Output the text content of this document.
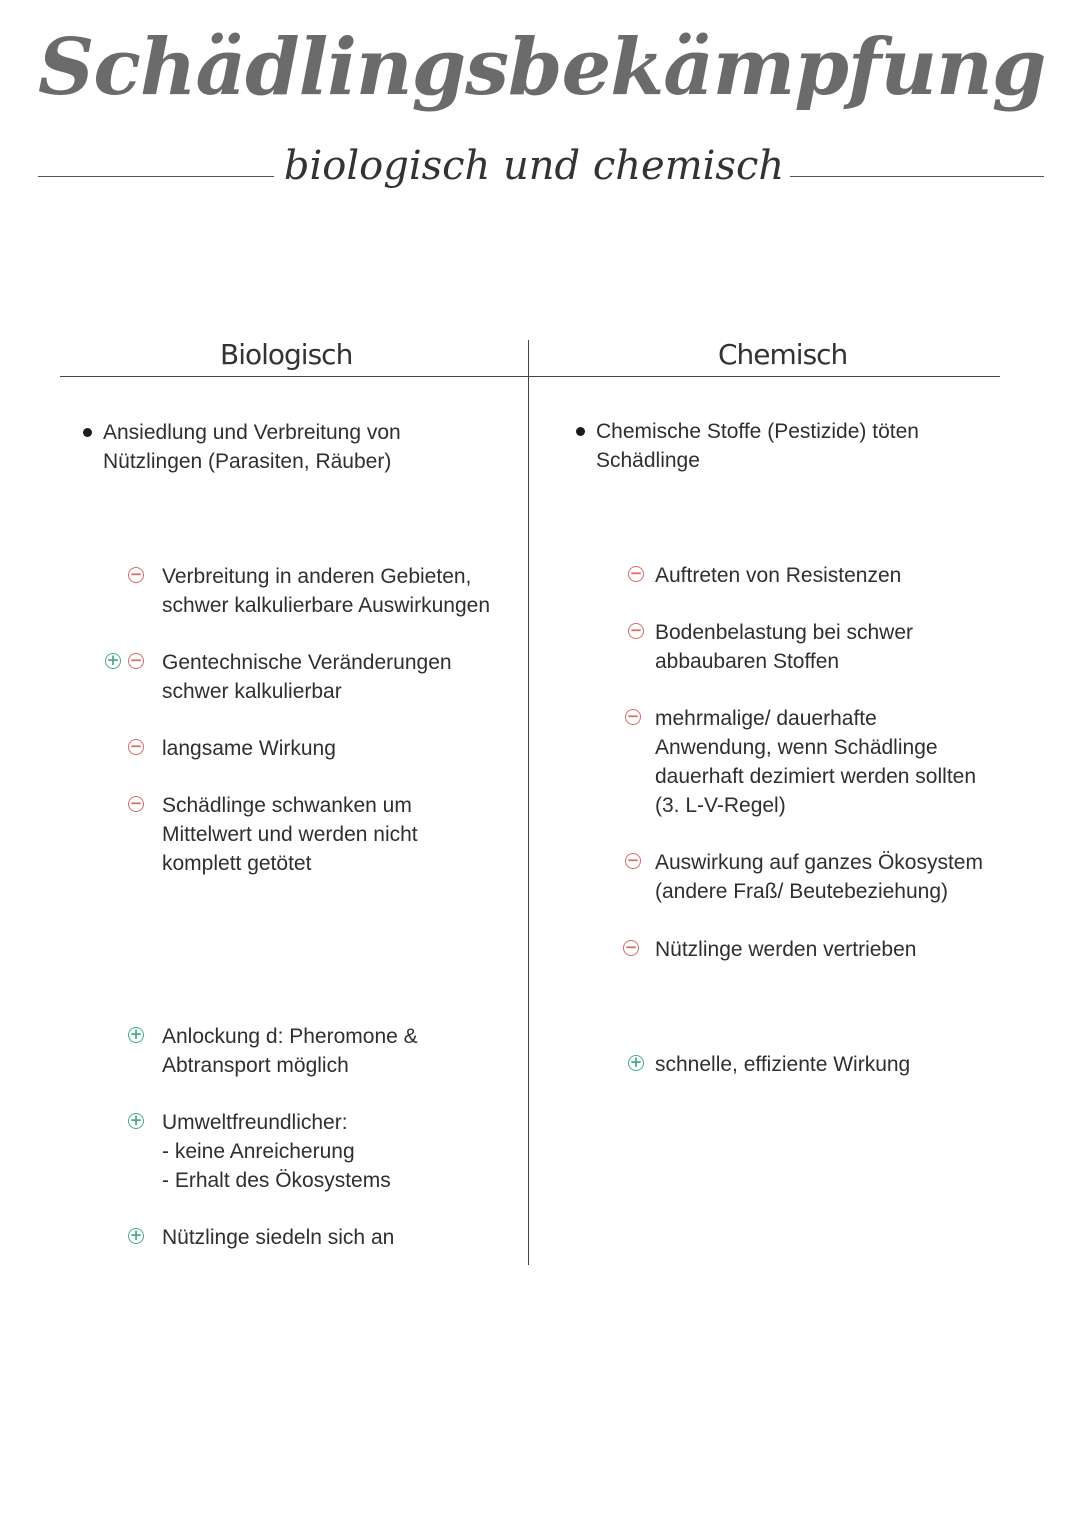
Schädlingsbekämpfung
biologisch und chemisch
Biologisch	Chemisch
Ansiedlung und Verbreitung von
Nützlingen (Parasiten, Räuber)
− Verbreitung in anderen Gebieten,
schwer kalkulierbare Auswirkungen
+ − Gentechnische Veränderungen
schwer kalkulierbar
− langsame Wirkung
− Schädlinge schwanken um
Mittelwert und werden nicht
komplett getötet
+ Anlockung d: Pheromone &
Abtransport möglich
+ Umweltfreundlicher:
- keine Anreicherung
- Erhalt des Ökosystems
+ Nützlinge siedeln sich an
Chemische Stoffe (Pestizide) töten
Schädlinge
− Auftreten von Resistenzen
− Bodenbelastung bei schwer
abbaubaren Stoffen
− mehrmalige/ dauerhafte
Anwendung, wenn Schädlinge
dauerhaft dezimiert werden sollten
(3. L-V-Regel)
− Auswirkung auf ganzes Ökosystem
(andere Fraß/ Beutebeziehung)
− Nützlinge werden vertrieben
+ schnelle, effiziente Wirkung
